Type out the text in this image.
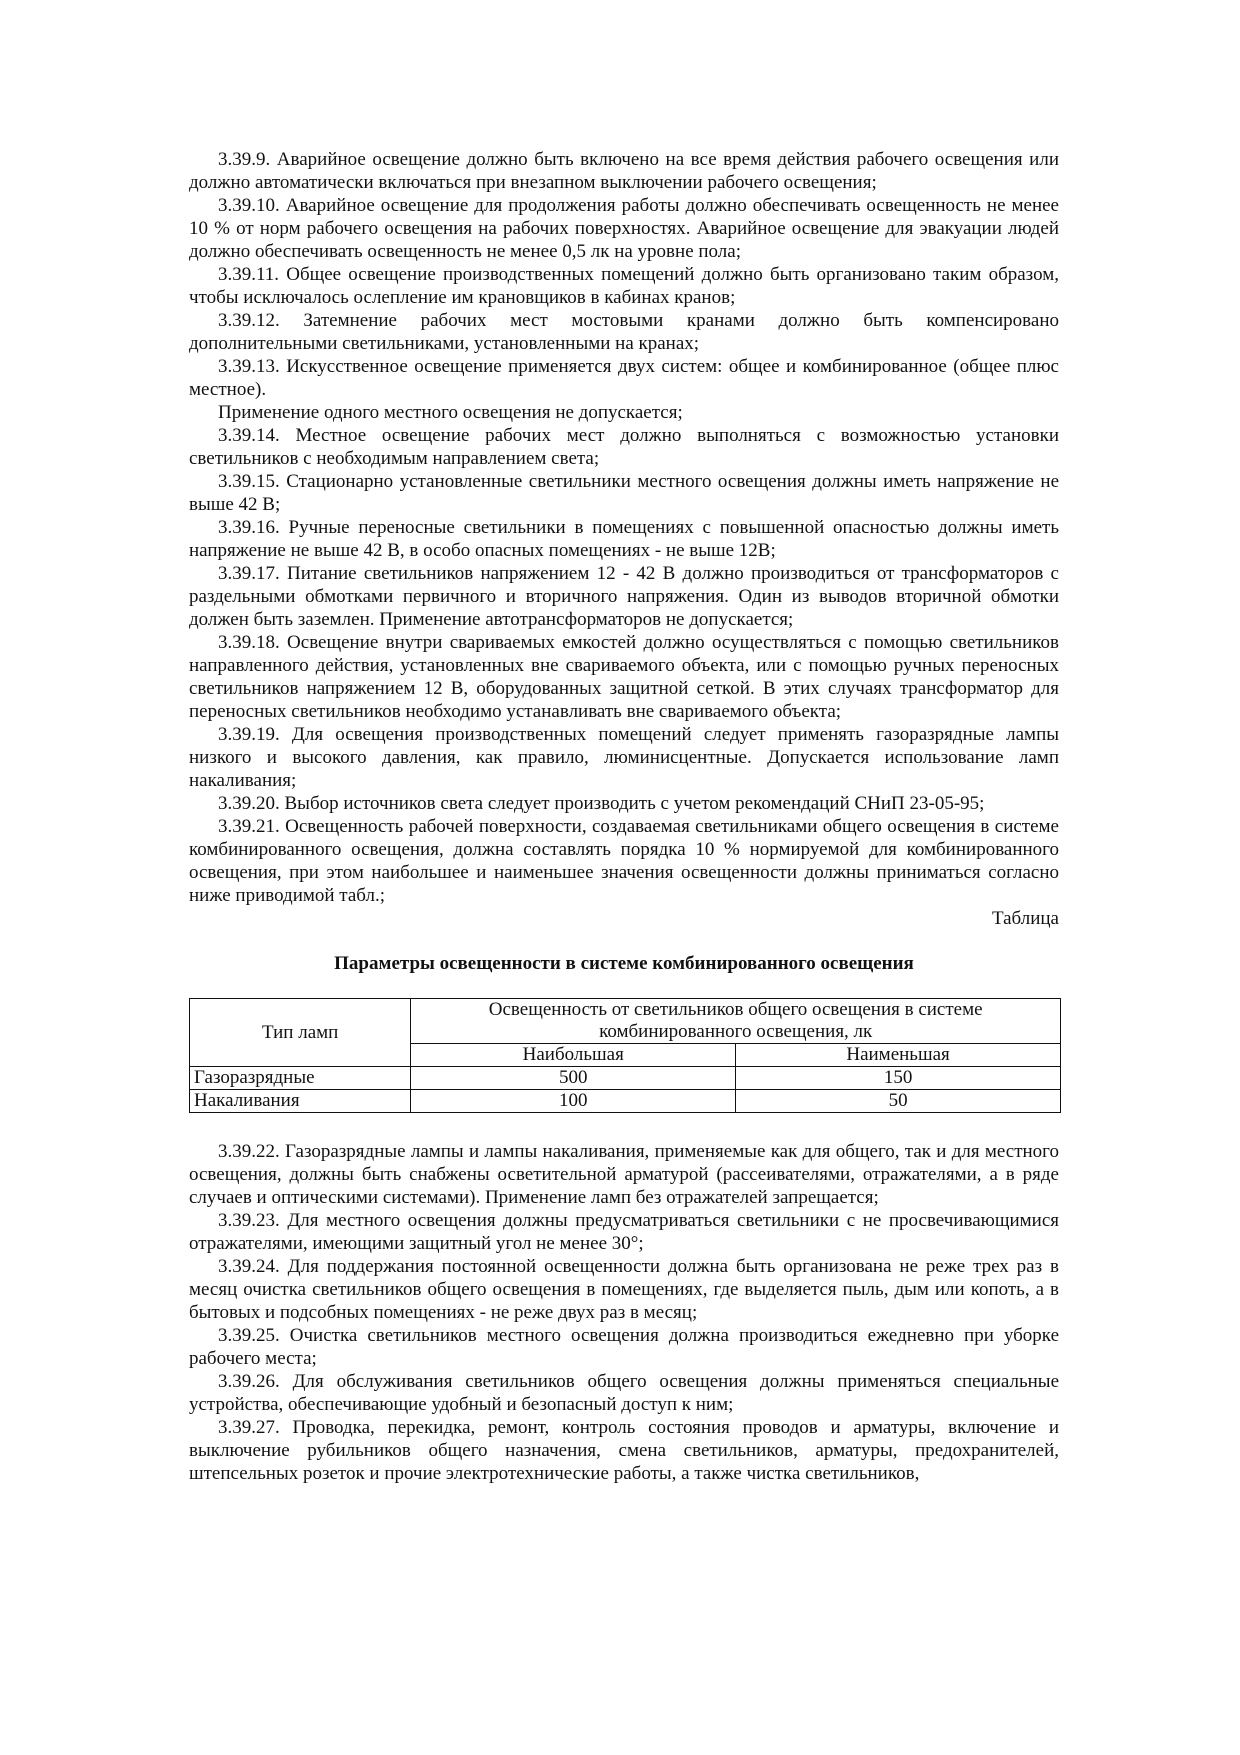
3.39.9. Аварийное освещение должно быть включено на все время действия рабочего освещения или должно автоматически включаться при внезапном выключении рабочего освещения;

3.39.10. Аварийное освещение для продолжения работы должно обеспечивать освещенность не менее 10 % от норм рабочего освещения на рабочих поверхностях. Аварийное освещение для эвакуации людей должно обеспечивать освещенность не менее 0,5 лк на уровне пола;

3.39.11. Общее освещение производственных помещений должно быть организовано таким образом, чтобы исключалось ослепление им крановщиков в кабинах кранов;

3.39.12. Затемнение рабочих мест мостовыми кранами должно быть компенсировано дополнительными светильниками, установленными на кранах;

3.39.13. Искусственное освещение применяется двух систем: общее и комбинированное (общее плюс местное).

Применение одного местного освещения не допускается;

3.39.14. Местное освещение рабочих мест должно выполняться с возможностью установки светильников с необходимым направлением света;

3.39.15. Стационарно установленные светильники местного освещения должны иметь напряжение не выше 42 В;

3.39.16. Ручные переносные светильники в помещениях с повышенной опасностью должны иметь напряжение не выше 42 В, в особо опасных помещениях - не выше 12В;

3.39.17. Питание светильников напряжением 12 - 42 В должно производиться от трансформаторов с раздельными обмотками первичного и вторичного напряжения. Один из выводов вторичной обмотки должен быть заземлен. Применение автотрансформаторов не допускается;

3.39.18. Освещение внутри свариваемых емкостей должно осуществляться с помощью светильников направленного действия, установленных вне свариваемого объекта, или с помощью ручных переносных светильников напряжением 12 В, оборудованных защитной сеткой. В этих случаях трансформатор для переносных светильников необходимо устанавливать вне свариваемого объекта;

3.39.19. Для освещения производственных помещений следует применять газоразрядные лампы низкого и высокого давления, как правило, люминисцентные. Допускается использование ламп накаливания;

3.39.20. Выбор источников света следует производить с учетом рекомендаций СНиП 23-05-95;

3.39.21. Освещенность рабочей поверхности, создаваемая светильниками общего освещения в системе комбинированного освещения, должна составлять порядка 10 % нормируемой для комбинированного освещения, при этом наибольшее и наименьшее значения освещенности должны приниматься согласно ниже приводимой табл.;

Таблица

Параметры освещенности в системе комбинированного освещения

Тип ламп	Освещенность от светильников общего освещения в системе комбинированного освещения, лк	
	Наибольшая	Наименьшая
Газоразрядные	500	150
Накаливания	100	50

3.39.22. Газоразрядные лампы и лампы накаливания, применяемые как для общего, так и для местного освещения, должны быть снабжены осветительной арматурой (рассеивателями, отражателями, а в ряде случаев и оптическими системами). Применение ламп без отражателей запрещается;

3.39.23. Для местного освещения должны предусматриваться светильники с не просвечивающимися отражателями, имеющими защитный угол не менее 30°;

3.39.24. Для поддержания постоянной освещенности должна быть организована не реже трех раз в месяц очистка светильников общего освещения в помещениях, где выделяется пыль, дым или копоть, а в бытовых и подсобных помещениях - не реже двух раз в месяц;

3.39.25. Очистка светильников местного освещения должна производиться ежедневно при уборке рабочего места;

3.39.26. Для обслуживания светильников общего освещения должны применяться специальные устройства, обеспечивающие удобный и безопасный доступ к ним;

3.39.27. Проводка, перекидка, ремонт, контроль состояния проводов и арматуры, включение и выключение рубильников общего назначения, смена светильников, арматуры, предохранителей, штепсельных розеток и прочие электротехнические работы, а также чистка светильников,
